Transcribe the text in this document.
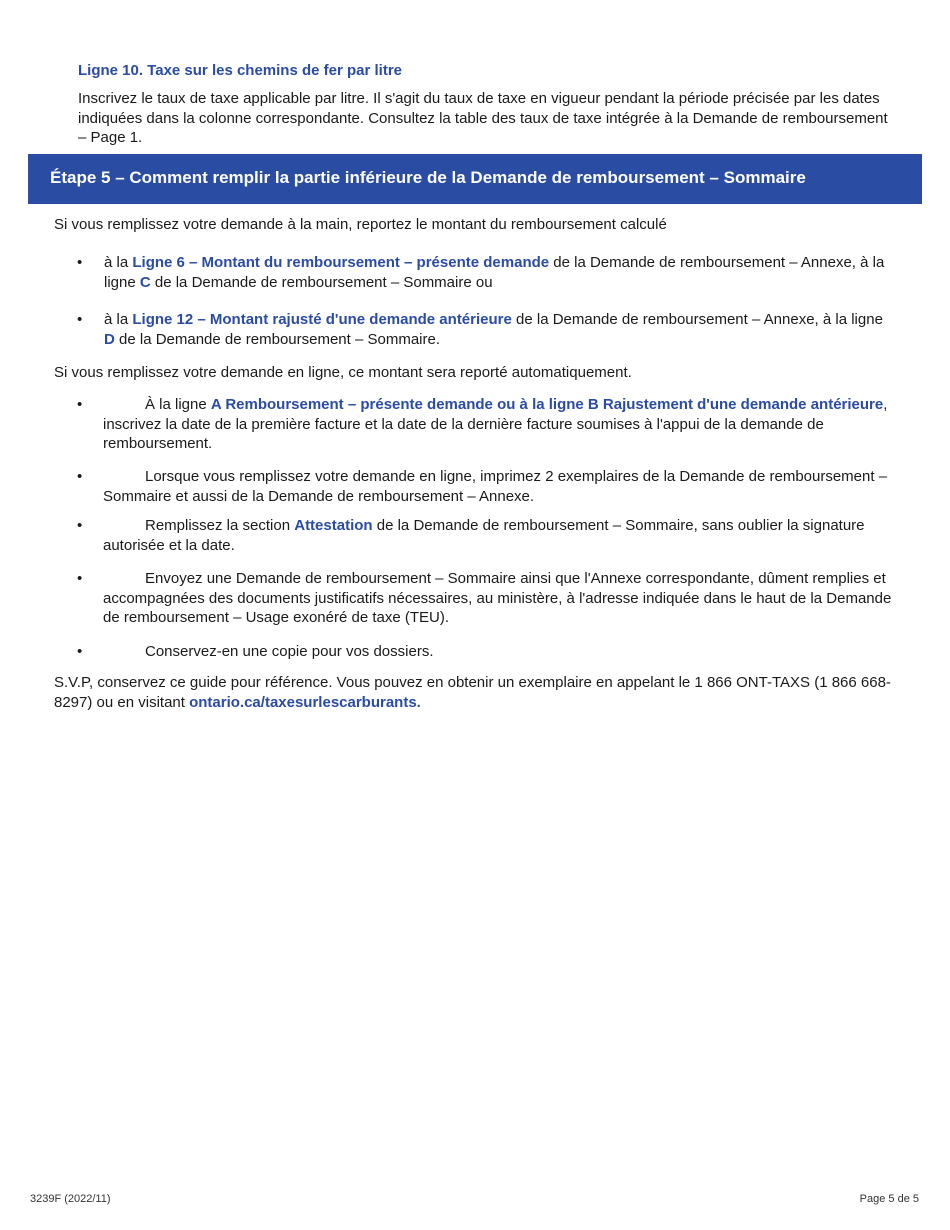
Ligne 10. Taxe sur les chemins de fer par litre
Inscrivez le taux de taxe applicable par litre. Il s'agit du taux de taxe en vigueur pendant la période précisée par les dates indiquées dans la colonne correspondante. Consultez la table des taux de taxe intégrée à la Demande de remboursement – Page 1.
Étape 5 – Comment remplir la partie inférieure de la Demande de remboursement – Sommaire
Si vous remplissez votre demande à la main, reportez le montant du remboursement calculé
• à la Ligne 6 – Montant du remboursement – présente demande de la Demande de remboursement – Annexe, à la ligne C de la Demande de remboursement – Sommaire ou
• à la Ligne 12 – Montant rajusté d'une demande antérieure de la Demande de remboursement – Annexe, à la ligne D de la Demande de remboursement – Sommaire.
Si vous remplissez votre demande en ligne, ce montant sera reporté automatiquement.
•	À la ligne A Remboursement – présente demande ou à la ligne B Rajustement d'une demande antérieure, inscrivez la date de la première facture et la date de la dernière facture soumises à l'appui de la demande de remboursement.
•	Lorsque vous remplissez votre demande en ligne, imprimez 2 exemplaires de la Demande de remboursement – Sommaire et aussi de la Demande de remboursement – Annexe.
•	Remplissez la section Attestation de la Demande de remboursement – Sommaire, sans oublier la signature autorisée et la date.
•	Envoyez une Demande de remboursement – Sommaire ainsi que l'Annexe correspondante, dûment remplies et accompagnées des documents justificatifs nécessaires, au ministère, à l'adresse indiquée dans le haut de la Demande de remboursement – Usage exonéré de taxe (TEU).
•	Conservez-en une copie pour vos dossiers.
S.V.P, conservez ce guide pour référence. Vous pouvez en obtenir un exemplaire en appelant le 1 866 ONT-TAXS (1 866 668-8297) ou en visitant ontario.ca/taxesurlescarburants.
3239F (2022/11)	Page 5 de 5
